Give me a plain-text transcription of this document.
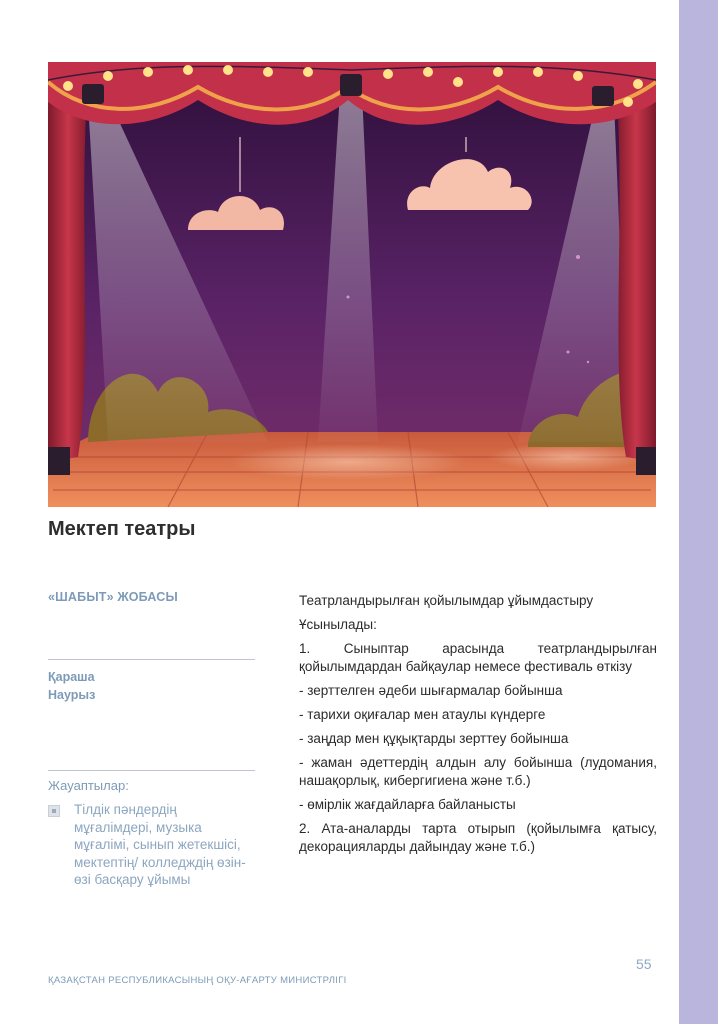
Мектеп театры
«ШАБЫТ» ЖОБАСЫ
Қараша
Наурыз
Жауаптылар:
Тілдік пәндердің мұғалімдері, музыка мұғалімі, сынып жетекшісі, мектептің/ колледждің өзін-өзі басқару ұйымы

Театрландырылған қойылымдар ұйымдастыру

Ұсынылады:

1. Сыныптар арасында театрландырылған қойылымдардан байқаулар немесе фестиваль өткізу

- зерттелген әдеби шығармалар бойынша

- тарихи оқиғалар мен атаулы күндерге

- заңдар мен құқықтарды зерттеу бойынша

- жаман әдеттердің алдын алу бойынша (лудомания, нашақорлық, кибергигиена және т.б.)

- өмірлік жағдайларға байланысты

2. Ата-аналарды тарта отырып (қойылымға қатысу, декорацияларды дайындау және т.б.)

55
ҚАЗАҚСТАН РЕСПУБЛИКАСЫНЫҢ ОҚУ-АҒАРТУ МИНИСТРЛІГІ
